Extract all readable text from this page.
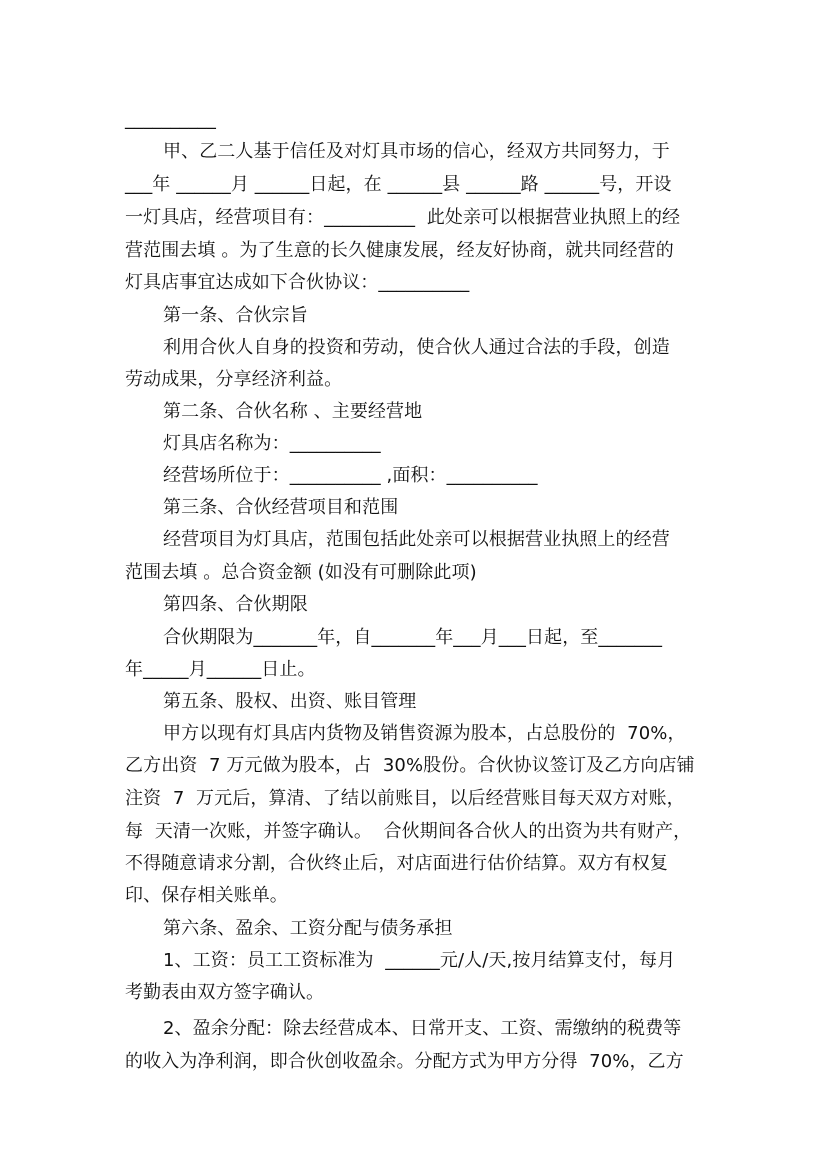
__________
甲、乙二人基于信任及对灯具市场的信心，经双方共同努力，于
___年 ______月 ______日起，在 ______县 ______路 ______号，开设
一灯具店，经营项目有：__________  此处亲可以根据营业执照上的经
营范围去填 。为了生意的长久健康发展，经友好协商，就共同经营的
灯具店事宜达成如下合伙协议：__________
第一条、合伙宗旨
利用合伙人自身的投资和劳动，使合伙人通过合法的手段，创造
劳动成果，分享经济利益。
第二条、合伙名称 、主要经营地
灯具店名称为：__________
经营场所位于：__________ ,面积：__________
第三条、合伙经营项目和范围
经营项目为灯具店，范围包括此处亲可以根据营业执照上的经营
范围去填 。总合资金额 (如没有可删除此项)
第四条、合伙期限
合伙期限为_______年，自_______年___月___日起，至_______
年_____月______日止。
第五条、股权、出资、账目管理
甲方以现有灯具店内货物及销售资源为股本，占总股份的  70%，
乙方出资  7 万元做为股本，占  30%股份。合伙协议签订及乙方向店铺
注资  7  万元后，算清、了结以前账目，以后经营账目每天双方对账，
每  天清一次账，并签字确认。  合伙期间各合伙人的出资为共有财产，
不得随意请求分割，合伙终止后，对店面进行估价结算。双方有权复
印、保存相关账单。
第六条、盈余、工资分配与债务承担
1、工资：员工工资标准为  ______元/人/天,按月结算支付，每月
考勤表由双方签字确认。
2、盈余分配：除去经营成本、日常开支、工资、需缴纳的税费等
的收入为净利润，即合伙创收盈余。分配方式为甲方分得  70%，乙方
